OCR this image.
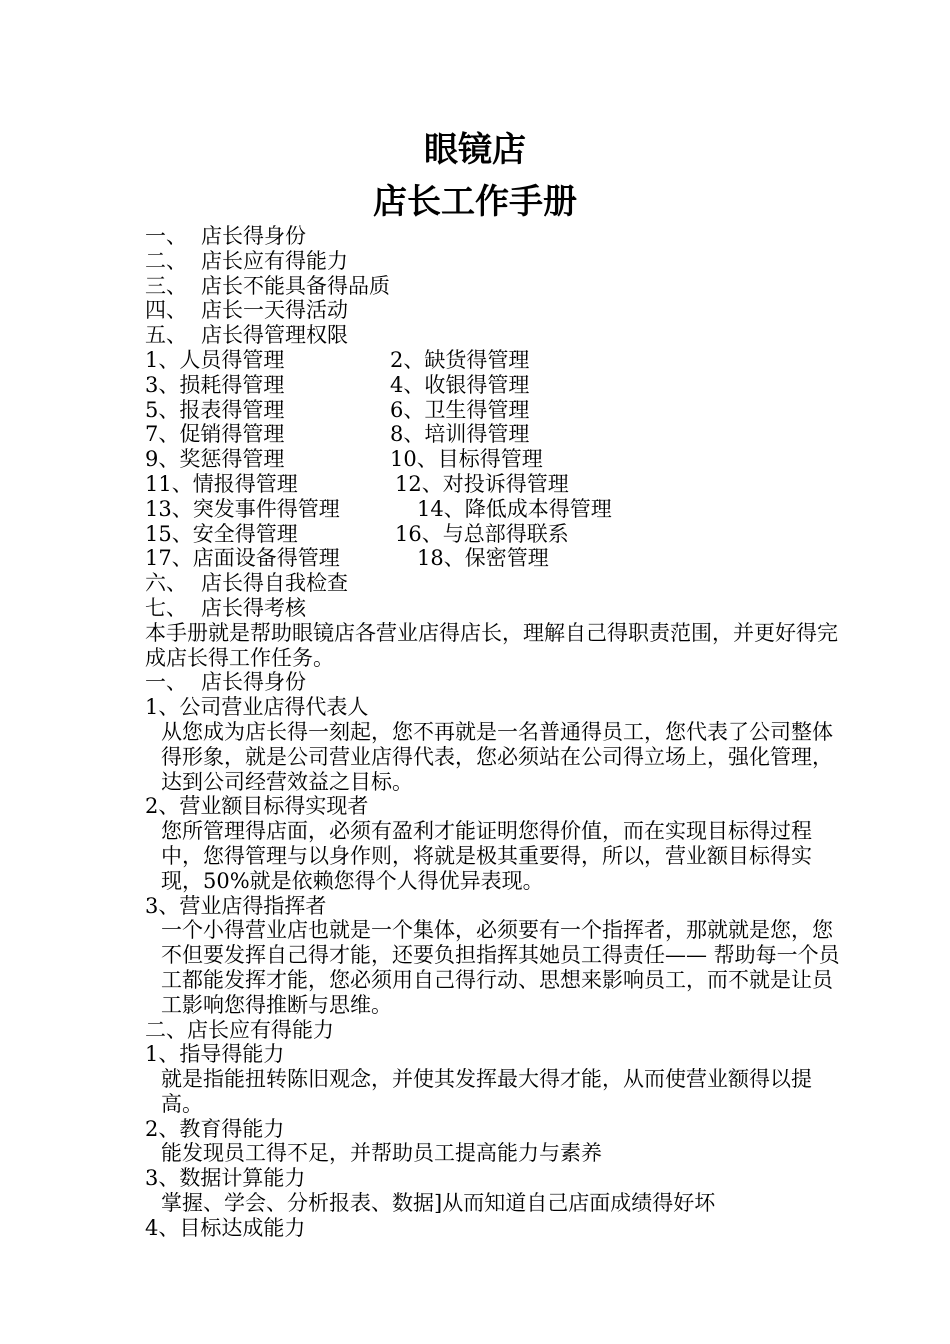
眼镜店
店长工作手册
一、 店长得身份
二、 店长应有得能力
三、 店长不能具备得品质
四、 店长一天得活动
五、 店长得管理权限
1、人员得管理	2、缺货得管理
3、损耗得管理	4、收银得管理
5、报表得管理	6、卫生得管理
7、促销得管理	8、培训得管理
9、奖惩得管理	10、目标得管理
11、情报得管理	12、对投诉得管理
13、突发事件得管理	14、降低成本得管理
15、安全得管理	16、与总部得联系
17、店面设备得管理	18、保密管理
六、 店长得自我检查
七、 店长得考核
本手册就是帮助眼镜店各营业店得店长，理解自己得职责范围，并更好得完成店长得工作任务。
一、 店长得身份
1、公司营业店得代表人
从您成为店长得一刻起，您不再就是一名普通得员工，您代表了公司整体得形象，就是公司营业店得代表，您必须站在公司得立场上，强化管理，达到公司经营效益之目标。
2、营业额目标得实现者
您所管理得店面，必须有盈利才能证明您得价值，而在实现目标得过程中，您得管理与以身作则，将就是极其重要得，所以，营业额目标得实现，50%就是依赖您得个人得优异表现。
3、营业店得指挥者
一个小得营业店也就是一个集体，必须要有一个指挥者，那就就是您，您不但要发挥自己得才能，还要负担指挥其她员工得责任—— 帮助每一个员工都能发挥才能，您必须用自己得行动、思想来影响员工，而不就是让员工影响您得推断与思维。
二、店长应有得能力
1、指导得能力
就是指能扭转陈旧观念，并使其发挥最大得才能，从而使营业额得以提高。
2、教育得能力
能发现员工得不足，并帮助员工提高能力与素养
3、数据计算能力
掌握、学会、分析报表、数据]从而知道自己店面成绩得好坏
4、目标达成能力
